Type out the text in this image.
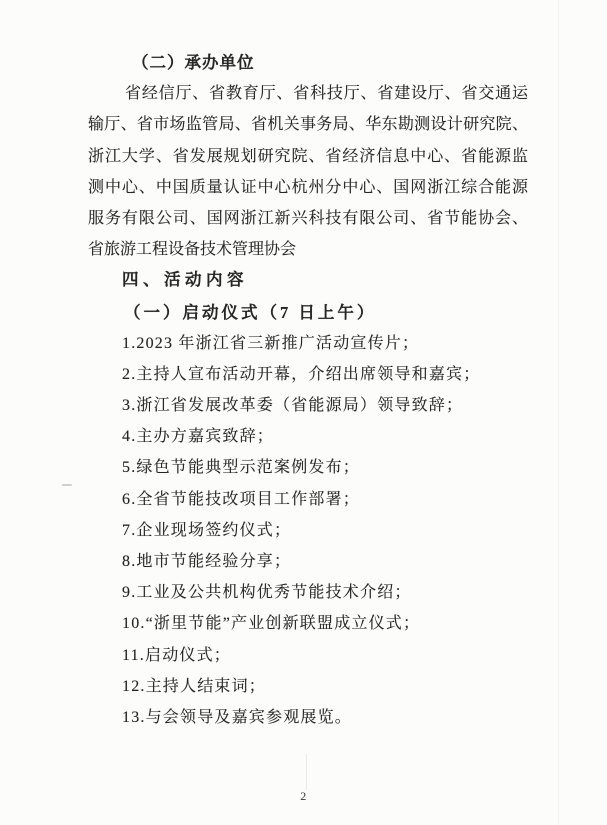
（二）承办单位
省经信厅、省教育厅、省科技厅、省建设厅、省交通运
输厅、省市场监管局、省机关事务局、华东勘测设计研究院、
浙江大学、省发展规划研究院、省经济信息中心、省能源监
测中心、中国质量认证中心杭州分中心、国网浙江综合能源
服务有限公司、国网浙江新兴科技有限公司、省节能协会、
省旅游工程设备技术管理协会
四、活动内容
（一）启动仪式（7 日上午）
1.2023 年浙江省三新推广活动宣传片；
2.主持人宣布活动开幕，介绍出席领导和嘉宾；
3.浙江省发展改革委（省能源局）领导致辞；
4.主办方嘉宾致辞；
5.绿色节能典型示范案例发布；
6.全省节能技改项目工作部署；
7.企业现场签约仪式；
8.地市节能经验分享；
9.工业及公共机构优秀节能技术介绍；
10.“浙里节能”产业创新联盟成立仪式；
11.启动仪式；
12.主持人结束词；
13.与会领导及嘉宾参观展览。
2
